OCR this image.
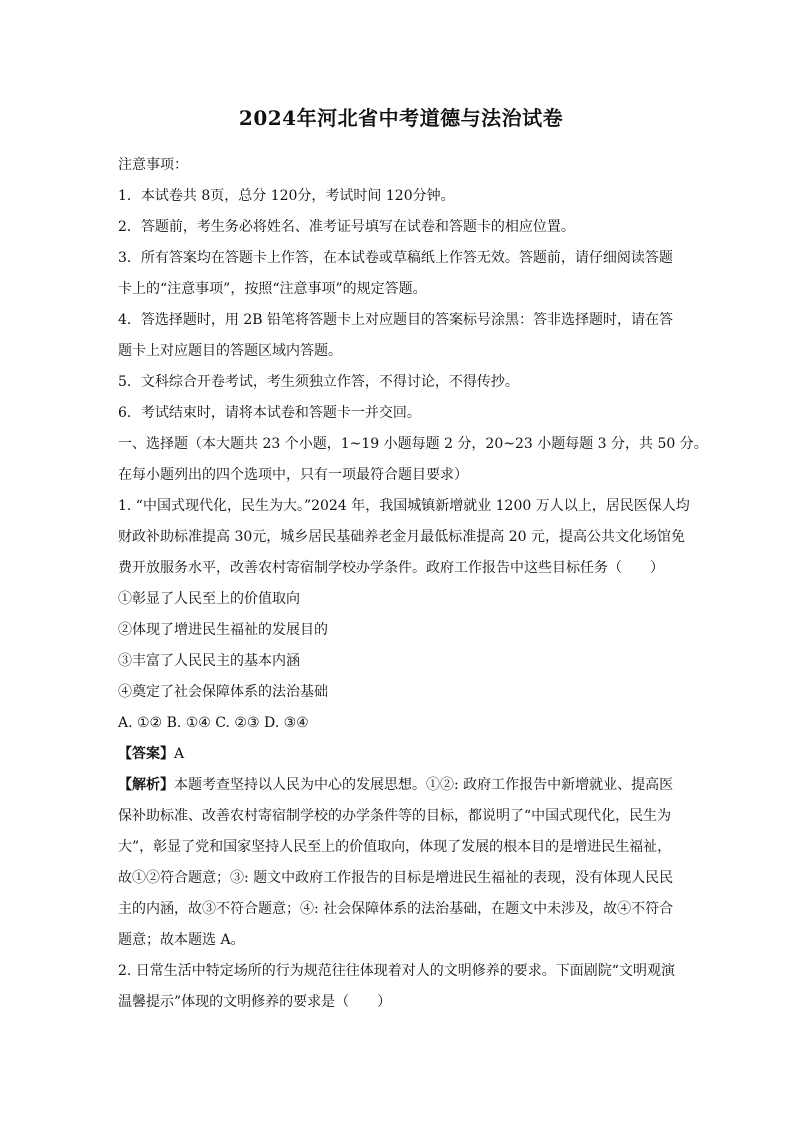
2024年河北省中考道德与法治试卷

注意事项：

1．本试卷共 8页，总分 120分，考试时间 120分钟。

2．答题前，考生务必将姓名、准考证号填写在试卷和答题卡的相应位置。

3．所有答案均在答题卡上作答，在本试卷或草稿纸上作答无效。答题前，请仔细阅读答题

卡上的“注意事项”，按照“注意事项”的规定答题。

4．答选择题时，用 2B 铅笔将答题卡上对应题目的答案标号涂黑：答非选择题时，请在答

题卡上对应题目的答题区域内答题。

5．文科综合开卷考试，考生须独立作答，不得讨论，不得传抄。

6．考试结束时，请将本试卷和答题卡一并交回。

一、选择题（本大题共 23 个小题，1~19 小题每题 2 分，20~23 小题每题 3 分，共 50 分。

在每小题列出的四个选项中，只有一项最符合题目要求）

1. “中国式现代化，民生为大。”2024 年，我国城镇新增就业 1200 万人以上，居民医保人均

财政补助标准提高 30元，城乡居民基础养老金月最低标准提高 20 元，提高公共文化场馆免

费开放服务水平，改善农村寄宿制学校办学条件。政府工作报告中这些目标任务（　　）

①彰显了人民至上的价值取向

②体现了增进民生福祉的发展目的

③丰富了人民民主的基本内涵

④奠定了社会保障体系的法治基础

A. ①② B. ①④ C. ②③ D. ③④

【答案】A

【解析】本题考查坚持以人民为中心的发展思想。①②: 政府工作报告中新增就业、提高医

保补助标准、改善农村寄宿制学校的办学条件等的目标，都说明了“中国式现代化，民生为

大”，彰显了党和国家坚持人民至上的价值取向，体现了发展的根本目的是增进民生福祉，

故①②符合题意；③: 题文中政府工作报告的目标是增进民生福祉的表现，没有体现人民民

主的内涵，故③不符合题意；④: 社会保障体系的法治基础，在题文中未涉及，故④不符合

题意；故本题选 A。

2. 日常生活中特定场所的行为规范往往体现着对人的文明修养的要求。下面剧院“文明观演

温馨提示”体现的文明修养的要求是（　　）
